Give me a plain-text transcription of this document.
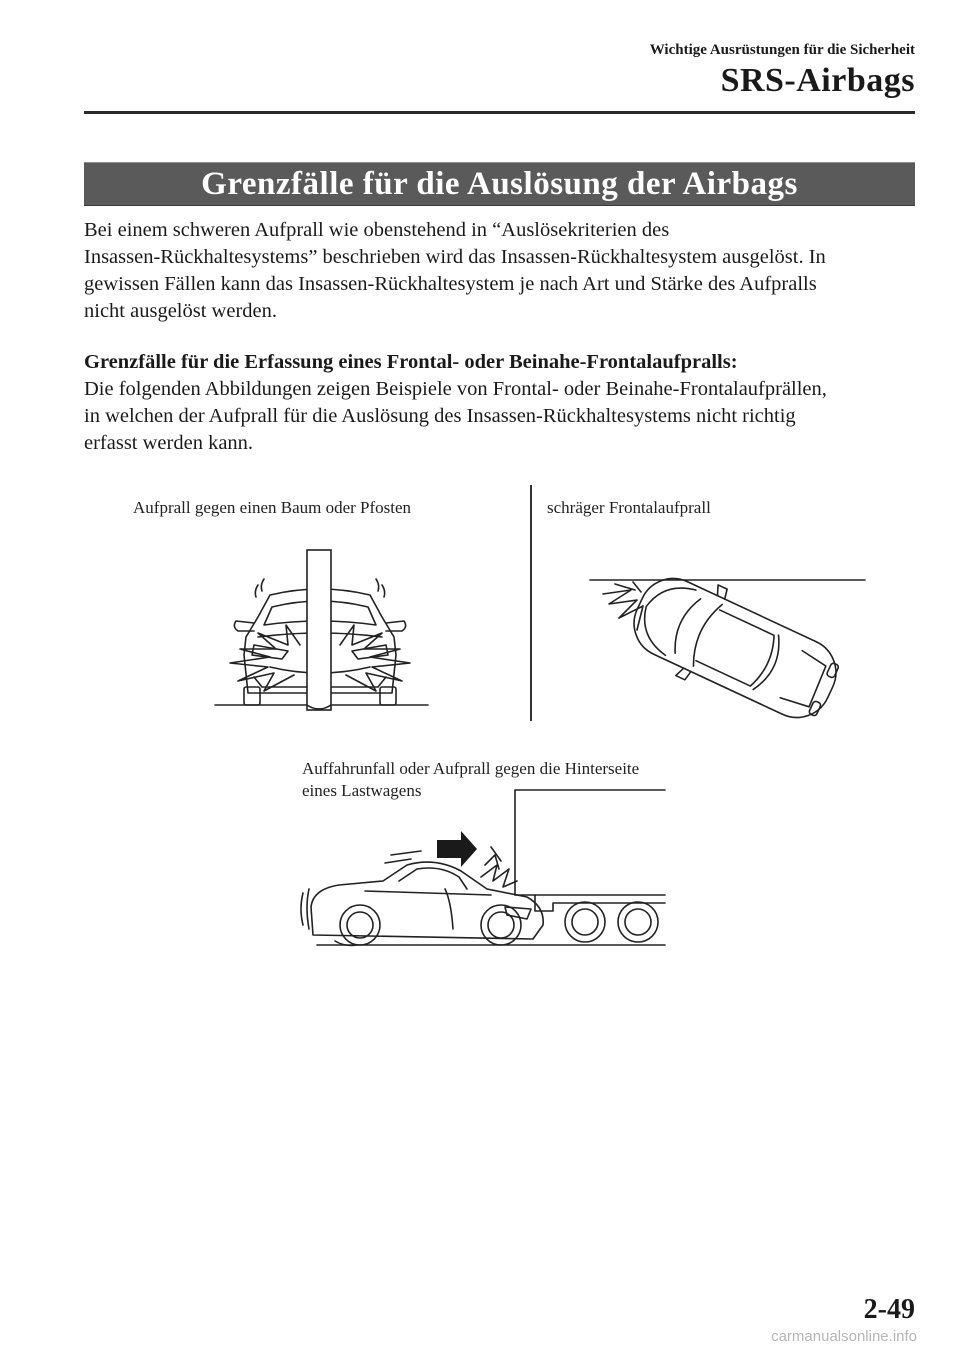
Wichtige Ausrüstungen für die Sicherheit
SRS-Airbags
Grenzfälle für die Auslösung der Airbags
Bei einem schweren Aufprall wie obenstehend in “Auslösekriterien des
Insassen-Rückhaltesystems” beschrieben wird das Insassen-Rückhaltesystem ausgelöst. In
gewissen Fällen kann das Insassen-Rückhaltesystem je nach Art und Stärke des Aufpralls
nicht ausgelöst werden.
Grenzfälle für die Erfassung eines Frontal- oder Beinahe-Frontalaufpralls:
Die folgenden Abbildungen zeigen Beispiele von Frontal- oder Beinahe-Frontalaufprällen,
in welchen der Aufprall für die Auslösung des Insassen-Rückhaltesystems nicht richtig
erfasst werden kann.
Aufprall gegen einen Baum oder Pfosten	schräger Frontalaufprall
Auffahrunfall oder Aufprall gegen die Hinterseite
eines Lastwagens
2-49
carmanualsonline.info
